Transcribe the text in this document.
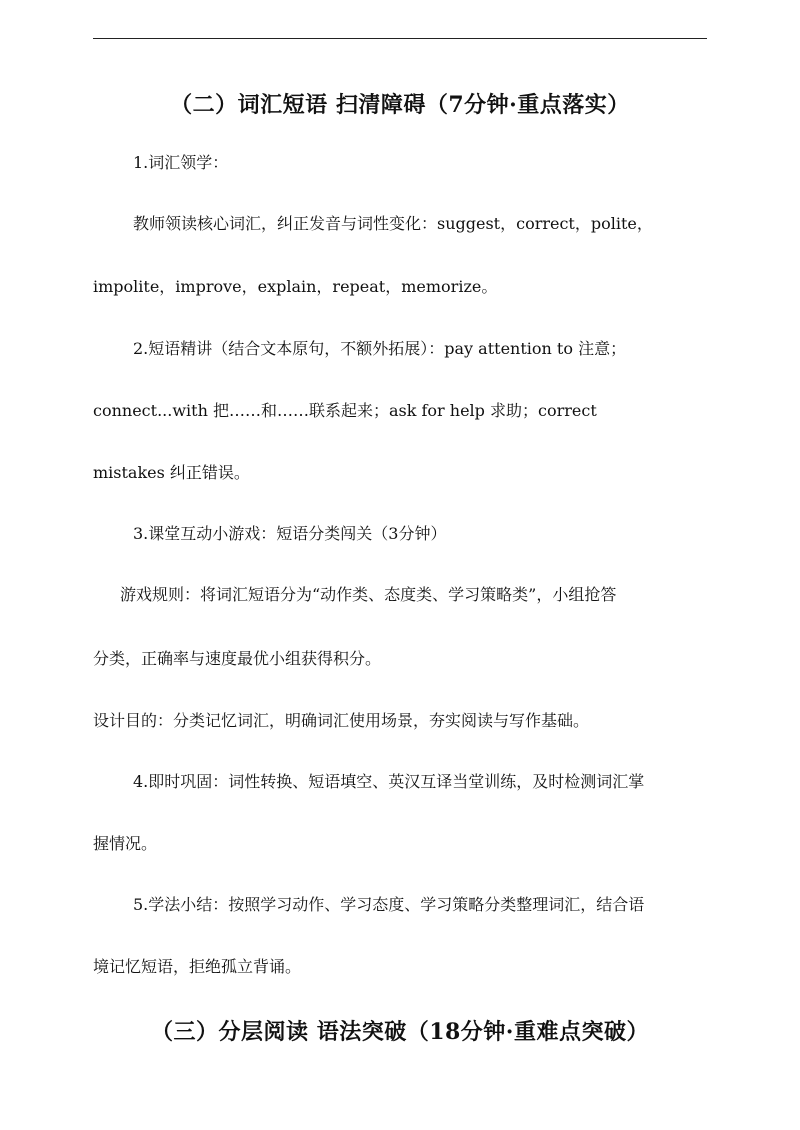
（二）词汇短语 扫清障碍（7分钟·重点落实）
1.词汇领学：
教师领读核心词汇，纠正发音与词性变化：suggest，correct，polite，
impolite，improve，explain，repeat，memorize。
2.短语精讲（结合文本原句，不额外拓展）：pay attention to 注意；
connect...with 把……和……联系起来；ask for help 求助；correct
mistakes 纠正错误。
3.课堂互动小游戏：短语分类闯关（3分钟）
游戏规则：将词汇短语分为“动作类、态度类、学习策略类”，小组抢答
分类，正确率与速度最优小组获得积分。
设计目的：分类记忆词汇，明确词汇使用场景，夯实阅读与写作基础。
4.即时巩固：词性转换、短语填空、英汉互译当堂训练，及时检测词汇掌
握情况。
5.学法小结：按照学习动作、学习态度、学习策略分类整理词汇，结合语
境记忆短语，拒绝孤立背诵。
（三）分层阅读 语法突破（18分钟·重难点突破）
